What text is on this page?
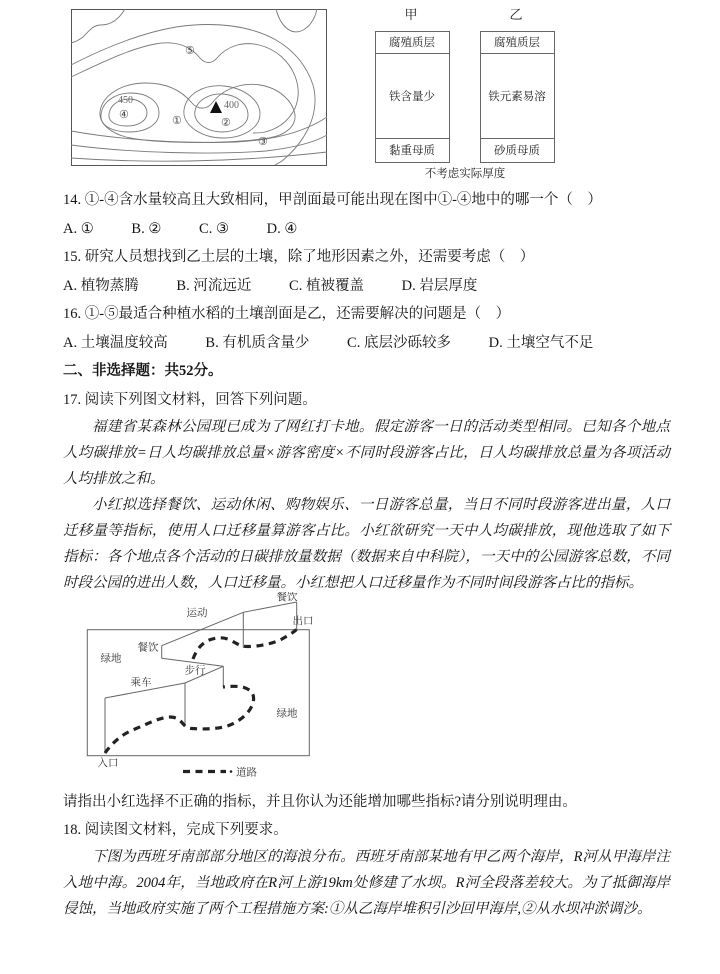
450	400
①	②
③
④
⑤
甲	乙
腐殖质层
铁含量少
黏重母质
腐殖质层
铁元素易溶
砂质母质
不考虑实际厚度
14. ①-④含水量较高且大致相同，甲剖面最可能出现在图中①-④地中的哪一个（　）
A. ①	B. ②	C. ③	D. ④
15. 研究人员想找到乙土层的土壤，除了地形因素之外，还需要考虑（　）
A. 植物蒸腾	B. 河流远近	C. 植被覆盖	D. 岩层厚度
16. ①-⑤最适合种植水稻的土壤剖面是乙，还需要解决的问题是（　）
A. 土壤温度较高	B. 有机质含量少	C. 底层沙砾较多	D. 土壤空气不足
二、非选择题：共52分。
17. 阅读下列图文材料，回答下列问题。

福建省某森林公园现已成为了网红打卡地。假定游客一日的活动类型相同。已知各个地点人均碳排放=日人均碳排放总量×游客密度×不同时段游客占比，日人均碳排放总量为各项活动人均排放之和。

小红拟选择餐饮、运动休闲、购物娱乐、一日游客总量，当日不同时段游客进出量，人口迁移量等指标，使用人口迁移量算游客占比。小红欲研究一天中人均碳排放，现他选取了如下指标：各个地点各个活动的日碳排放量数据（数据来自中科院），一天中的公园游客总数，不同时段公园的进出人数，人口迁移量。小红想把人口迁移量作为不同时间段游客占比的指标。

餐饮
出口
运动
餐饮
绿地
步行
乘车
绿地
入口
道路
请指出小红选择不正确的指标，并且你认为还能增加哪些指标?请分别说明理由。
18. 阅读图文材料，完成下列要求。

下图为西班牙南部部分地区的海浪分布。西班牙南部某地有甲乙两个海岸，R河从甲海岸注入地中海。2004年，当地政府在R河上游19km处修建了水坝。R河全段落差较大。为了抵御海岸侵蚀，当地政府实施了两个工程措施方案:①从乙海岸堆积引沙回甲海岸,②从水坝冲淤调沙。
